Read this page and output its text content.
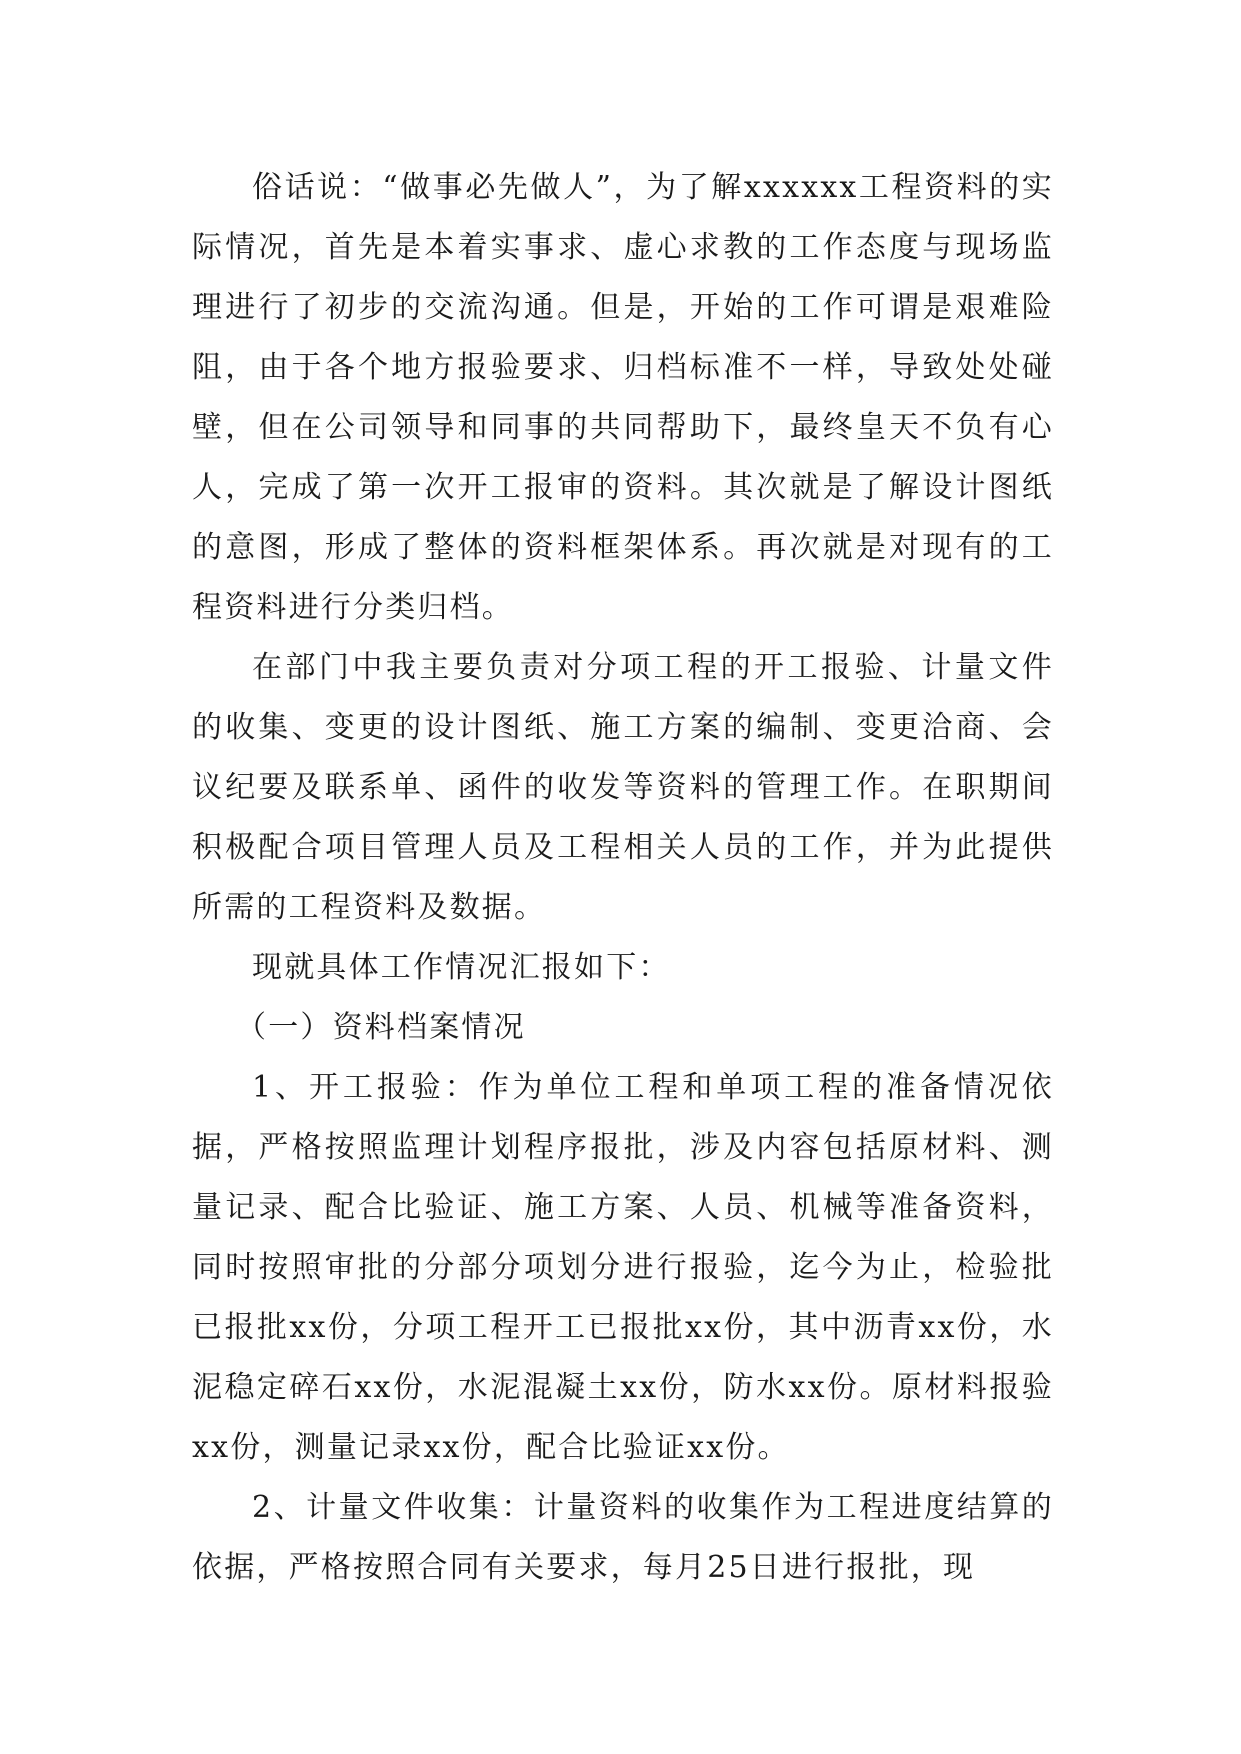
俗话说：“做事必先做人”，为了解xxxxxx工程资料的实际情况，首先是本着实事求、虚心求教的工作态度与现场监理进行了初步的交流沟通。但是，开始的工作可谓是艰难险阻，由于各个地方报验要求、归档标准不一样，导致处处碰壁，但在公司领导和同事的共同帮助下，最终皇天不负有心人，完成了第一次开工报审的资料。其次就是了解设计图纸的意图，形成了整体的资料框架体系。再次就是对现有的工程资料进行分类归档。

在部门中我主要负责对分项工程的开工报验、计量文件的收集、变更的设计图纸、施工方案的编制、变更洽商、会议纪要及联系单、函件的收发等资料的管理工作。在职期间积极配合项目管理人员及工程相关人员的工作，并为此提供所需的工程资料及数据。

现就具体工作情况汇报如下：

（一）资料档案情况

1、开工报验：作为单位工程和单项工程的准备情况依据，严格按照监理计划程序报批，涉及内容包括原材料、测量记录、配合比验证、施工方案、人员、机械等准备资料，同时按照审批的分部分项划分进行报验，迄今为止，检验批已报批xx份，分项工程开工已报批xx份，其中沥青xx份，水泥稳定碎石xx份，水泥混凝土xx份，防水xx份。原材料报验xx份，测量记录xx份，配合比验证xx份。

2、计量文件收集：计量资料的收集作为工程进度结算的依据，严格按照合同有关要求，每月25日进行报批，现
